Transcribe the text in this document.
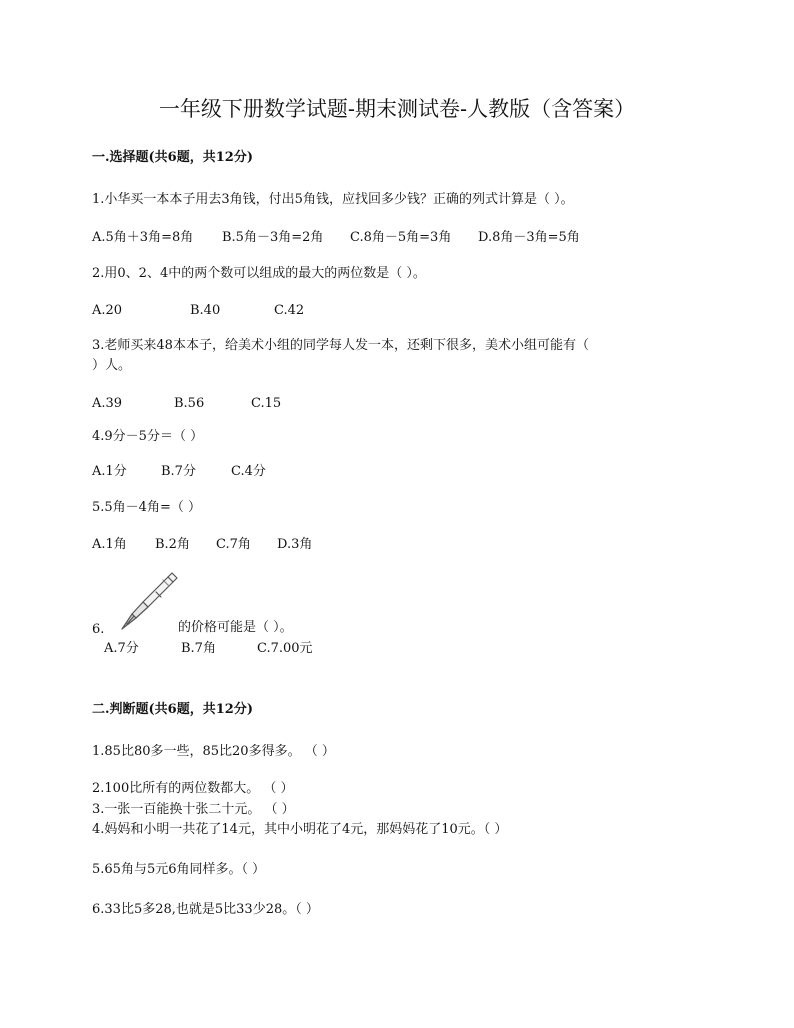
一年级下册数学试题-期末测试卷-人教版（含答案）
一.选择题(共6题，共12分)
1.小华买一本本子用去3角钱，付出5角钱，应找回多少钱？正确的列式计算是（ ）。
A.5角＋3角=8角 B.5角－3角=2角 C.8角－5角=3角 D.8角－3角=5角
2.用0、2、4中的两个数可以组成的最大的两位数是（ ）。
A.20	B.40	C.42
3.老师买来48本本子，给美术小组的同学每人发一本，还剩下很多，美术小组可能有（
）人。
A.39	B.56	C.15
4.9分－5分＝（ ）
A.1分	B.7分	C.4分
5.5角－4角=（ ）
A.1角 B.2角 C.7角 D.3角
6.	的价格可能是（ ）。
A.7分	B.7角	C.7.00元
二.判断题(共6题，共12分)
1.85比80多一些，85比20多得多。 （ ）
2.100比所有的两位数都大。 （ ）
3.一张一百能换十张二十元。 （ ）
4.妈妈和小明一共花了14元，其中小明花了4元，那妈妈花了10元。（ ）
5.65角与5元6角同样多。（ ）
6.33比5多28,也就是5比33少28。（ ）
